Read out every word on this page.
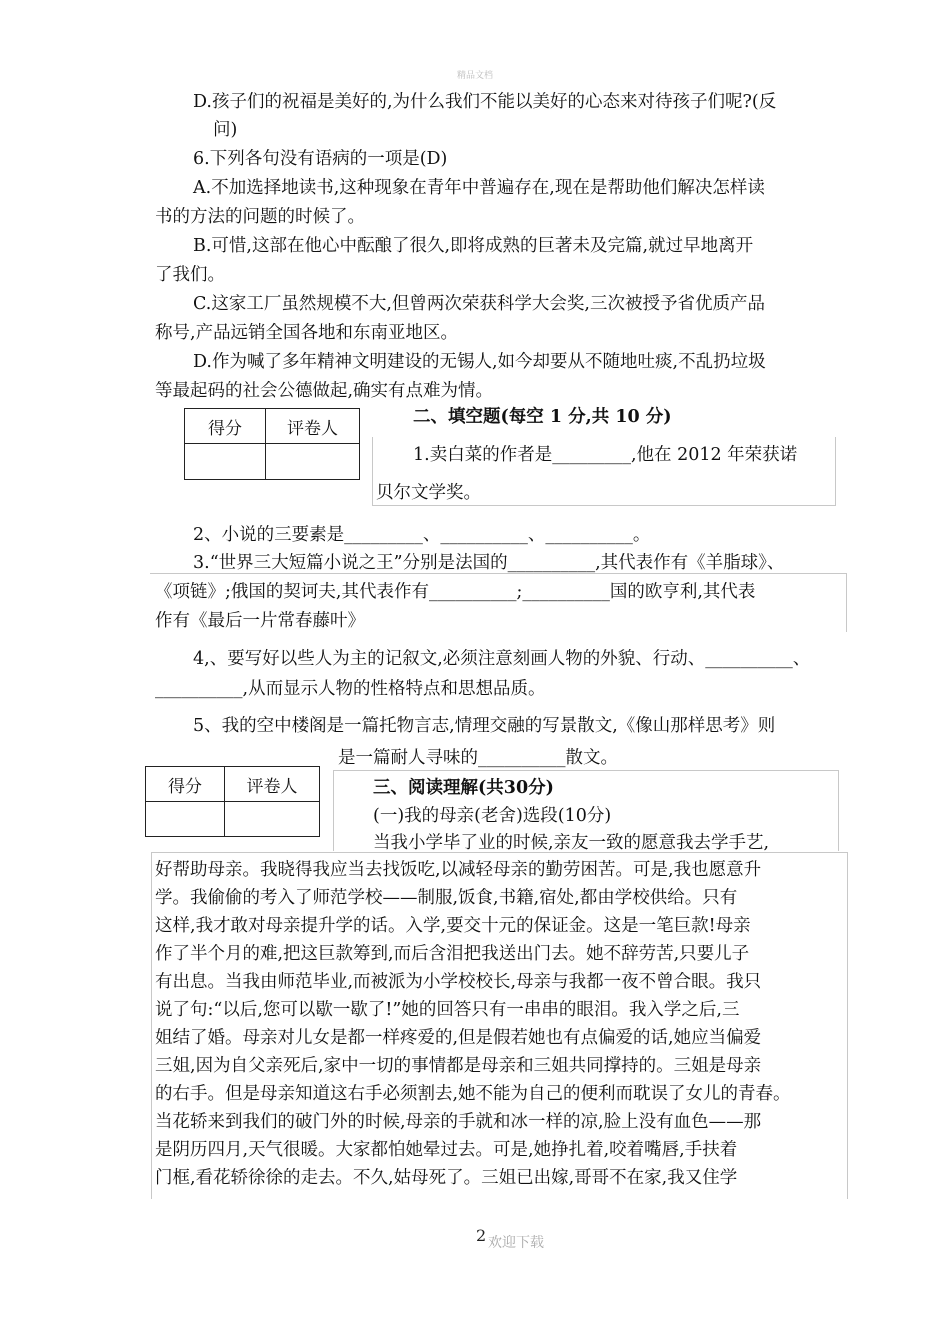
精品文档
D.孩子们的祝福是美好的,为什么我们不能以美好的心态来对待孩子们呢?(反
问)
6.下列各句没有语病的一项是(D)
A.不加选择地读书,这种现象在青年中普遍存在,现在是帮助他们解决怎样读
书的方法的问题的时候了。
B.可惜,这部在他心中酝酿了很久,即将成熟的巨著未及完篇,就过早地离开
了我们。
C.这家工厂虽然规模不大,但曾两次荣获科学大会奖,三次被授予省优质产品
称号,产品远销全国各地和东南亚地区。
D.作为喊了多年精神文明建设的无锡人,如今却要从不随地吐痰,不乱扔垃圾
等最起码的社会公德做起,确实有点难为情。
二、填空题(每空 1 分,共 10 分)
1.卖白菜的作者是_________,他在 2012 年荣获诺
贝尔文学奖。
2、小说的三要素是_________、__________、__________。
3.“世界三大短篇小说之王”分别是法国的__________,其代表作有《羊脂球》、
《项链》;俄国的契诃夫,其代表作有__________;__________国的欧亨利,其代表
作有《最后一片常春藤叶》
4,、要写好以些人为主的记叙文,必须注意刻画人物的外貌、行动、__________、
__________,从而显示人物的性格特点和思想品质。
5、我的空中楼阁是一篇托物言志,情理交融的写景散文,《像山那样思考》则
是一篇耐人寻味的__________散文。
三、阅读理解(共30分)
(一)我的母亲(老舍)选段(10分)
当我小学毕了业的时候,亲友一致的愿意我去学手艺,
好帮助母亲。我晓得我应当去找饭吃,以减轻母亲的勤劳困苦。可是,我也愿意升
学。我偷偷的考入了师范学校——制服,饭食,书籍,宿处,都由学校供给。只有
这样,我才敢对母亲提升学的话。入学,要交十元的保证金。这是一笔巨款!母亲
作了半个月的难,把这巨款筹到,而后含泪把我送出门去。她不辞劳苦,只要儿子
有出息。当我由师范毕业,而被派为小学校校长,母亲与我都一夜不曾合眼。我只
说了句:“以后,您可以歇一歇了!”她的回答只有一串串的眼泪。我入学之后,三
姐结了婚。母亲对儿女是都一样疼爱的,但是假若她也有点偏爱的话,她应当偏爱
三姐,因为自父亲死后,家中一切的事情都是母亲和三姐共同撑持的。三姐是母亲
的右手。但是母亲知道这右手必须割去,她不能为自己的便利而耽误了女儿的青春。
当花轿来到我们的破门外的时候,母亲的手就和冰一样的凉,脸上没有血色——那
是阴历四月,天气很暖。大家都怕她晕过去。可是,她挣扎着,咬着嘴唇,手扶着
门框,看花轿徐徐的走去。不久,姑母死了。三姐已出嫁,哥哥不在家,我又住学
得分	评卷人

得分	评卷人

2 欢迎下载
